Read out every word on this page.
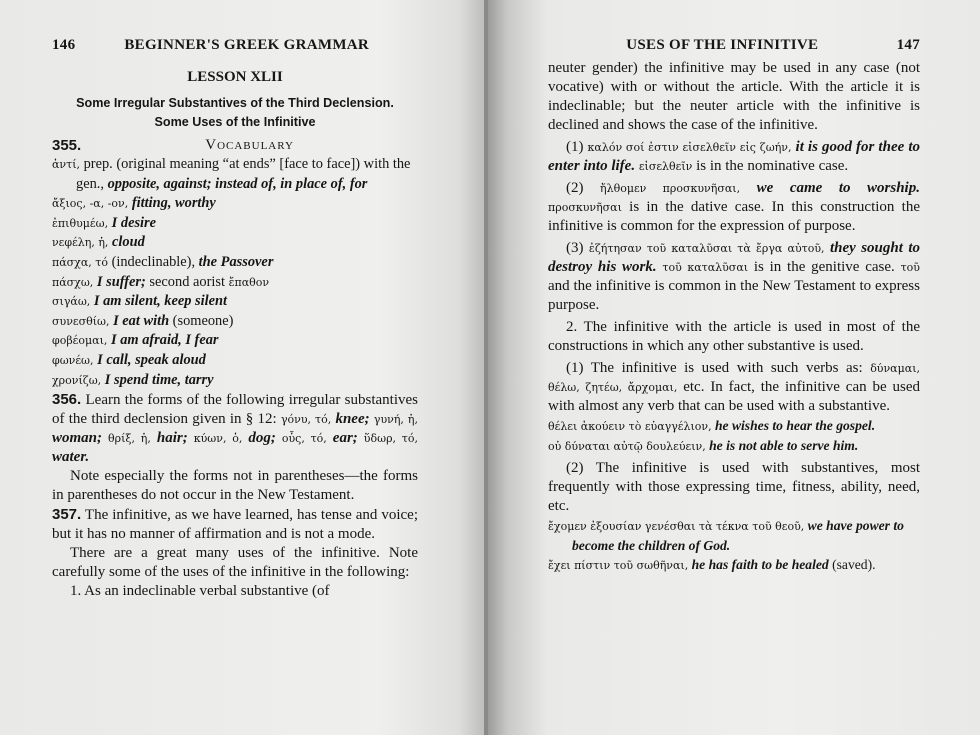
146	BEGINNER'S GREEK GRAMMAR
LESSON XLII
Some Irregular Substantives of the Third Declension.
Some Uses of the Infinitive
355.	Vocabulary
ἀντί, prep. (original meaning “at ends” [face to face]) with the gen., opposite, against; instead of, in place of, for
ἄξιος, -α, -ον, fitting, worthy
ἐπιθυμέω, I desire
νεφέλη, ἡ, cloud
πάσχα, τό (indeclinable), the Passover
πάσχω, I suffer; second aorist ἔπαθον
σιγάω, I am silent, keep silent
συνεσθίω, I eat with (someone)
φοβέομαι, I am afraid, I fear
φωνέω, I call, speak aloud
χρονίζω, I spend time, tarry

356. Learn the forms of the following irregular substantives of the third declension given in § 12: γόνυ, τό, knee; γυνή, ἡ, woman; θρίξ, ἡ, hair; κύων, ὁ, dog; οὖς, τό, ear; ὕδωρ, τό, water.

Note especially the forms not in parentheses—the forms in parentheses do not occur in the New Testament.

357. The infinitive, as we have learned, has tense and voice; but it has no manner of affirmation and is not a mode.

There are a great many uses of the infinitive. Note carefully some of the uses of the infinitive in the following:

1. As an indeclinable verbal substantive (of

USES OF THE INFINITIVE	147

neuter gender) the infinitive may be used in any case (not vocative) with or without the article. With the article it is indeclinable; but the neuter article with the infinitive is declined and shows the case of the infinitive.

(1) καλόν σοί ἐστιν εἰσελθεῖν εἰς ζωήν, it is good for thee to enter into life. εἰσελθεῖν is in the nominative case.

(2) ἤλθομεν προσκυνῆσαι, we came to worship. προσκυνῆσαι is in the dative case. In this construction the infinitive is common for the expression of purpose.

(3) ἐζήτησαν τοῦ καταλῦσαι τὰ ἔργα αὐτοῦ, they sought to destroy his work. τοῦ καταλῦσαι is in the genitive case. τοῦ and the infinitive is common in the New Testament to express purpose.

2. The infinitive with the article is used in most of the constructions in which any other substantive is used.

(1) The infinitive is used with such verbs as: δύναμαι, θέλω, ζητέω, ἄρχομαι, etc. In fact, the infinitive can be used with almost any verb that can be used with a substantive.

θέλει ἀκούειν τὸ εὐαγγέλιον, he wishes to hear the gospel.

οὐ δύναται αὐτῷ δουλεύειν, he is not able to serve him.

(2) The infinitive is used with substantives, most frequently with those expressing time, fitness, ability, need, etc.

ἔχομεν ἐξουσίαν γενέσθαι τὰ τέκνα τοῦ θεοῦ, we have power to become the children of God.

ἔχει πίστιν τοῦ σωθῆναι, he has faith to be healed (saved).
